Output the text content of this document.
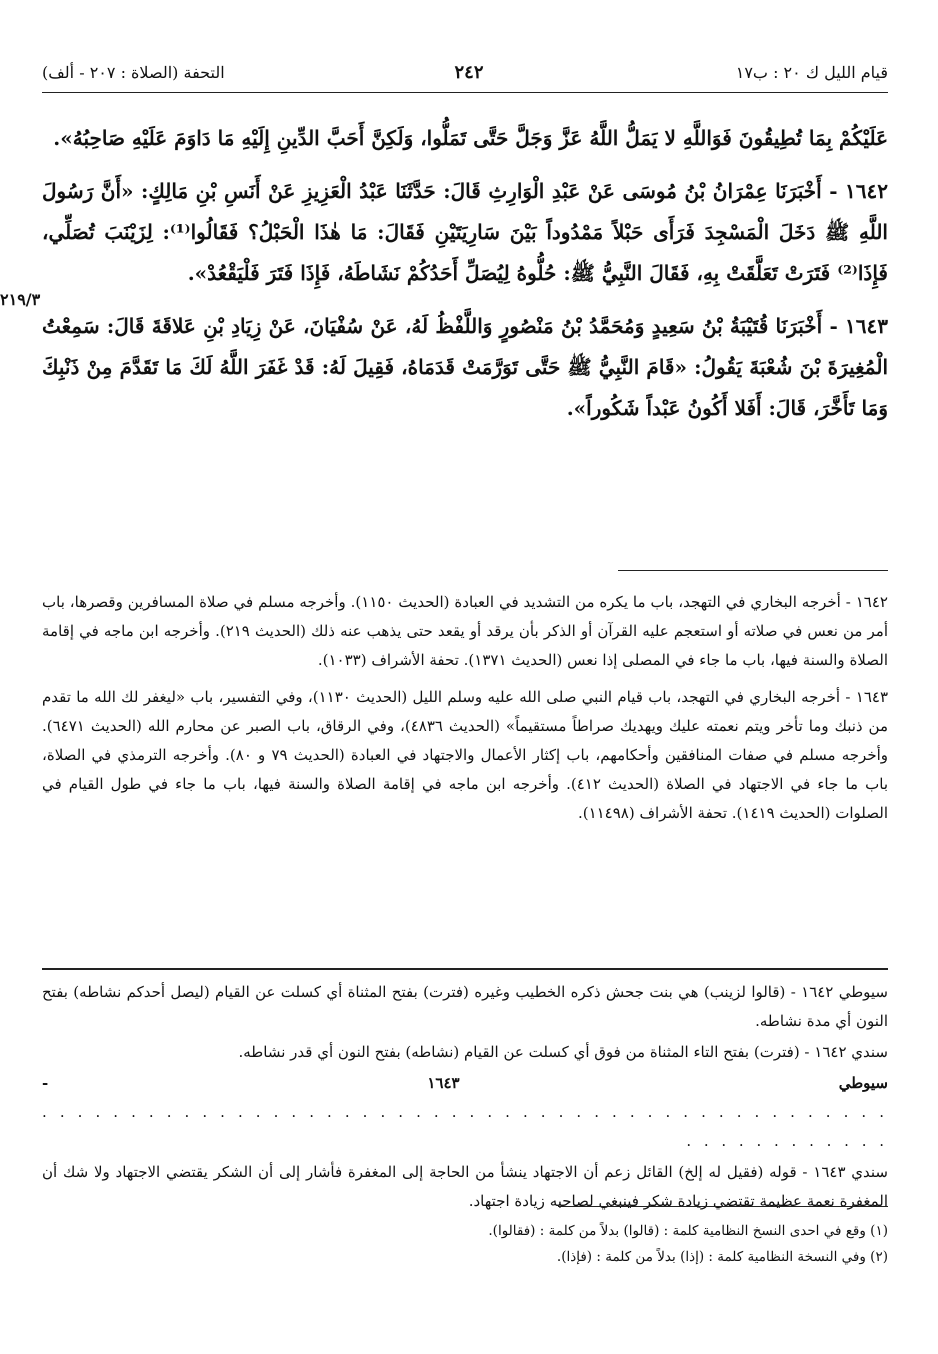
قيام الليل ك ٢٠ : ب١٧
٢٤٢
التحفة (الصلاة : ٢٠٧ - ألف)
٢١٩/٣

عَلَيْكُمْ بِمَا تُطِيقُونَ فَوَاللَّهِ لا يَمَلُّ اللَّهُ عَزَّ وَجَلَّ حَتَّى تَمَلُّوا، وَلَكِنَّ أَحَبَّ الدِّينِ إِلَيْهِ مَا دَاوَمَ عَلَيْهِ صَاحِبُهُ».

١٦٤٢ - أَخْبَرَنَا عِمْرَانُ بْنُ مُوسَى عَنْ عَبْدِ الْوَارِثِ قَالَ: حَدَّثَنَا عَبْدُ الْعَزِيزِ عَنْ أَنَسِ بْنِ مَالِكٍ: «أَنَّ رَسُولَ اللَّهِ ﷺ دَخَلَ الْمَسْجِدَ فَرَأَى حَبْلاً مَمْدُوداً بَيْنَ سَارِيَتَيْنِ فَقَالَ: مَا هٰذَا الْحَبْلُ؟ فَقَالُوا⁽¹⁾: لِزَيْنَبَ تُصَلِّي، فَإِذَا⁽²⁾ فَتَرَتْ تَعَلَّقَتْ بِهِ، فَقَالَ النَّبِيُّ ﷺ: حُلُّوهُ لِيُصَلِّ أَحَدُكُمْ نَشَاطَهُ، فَإِذَا فَتَرَ فَلْيَقْعُدْ».

١٦٤٣ - أَخْبَرَنَا قُتَيْبَةُ بْنُ سَعِيدٍ وَمُحَمَّدُ بْنُ مَنْصُورٍ وَاللَّفْظُ لَهُ، عَنْ سُفْيَانَ، عَنْ زِيَادِ بْنِ عَلاقَةَ قَالَ: سَمِعْتُ الْمُغِيرَةَ بْنَ شُعْبَةَ يَقُولُ: «قَامَ النَّبِيُّ ﷺ حَتَّى تَوَرَّمَتْ قَدَمَاهُ، فَقِيلَ لَهُ: قَدْ غَفَرَ اللَّهُ لَكَ مَا تَقَدَّمَ مِنْ ذَنْبِكَ وَمَا تَأَخَّرَ، قَالَ: أَفَلا أَكُونُ عَبْداً شَكُوراً».

١٦٤٢ - أخرجه البخاري في التهجد، باب ما يكره من التشديد في العبادة (الحديث ١١٥٠). وأخرجه مسلم في صلاة المسافرين وقصرها، باب أمر من نعس في صلاته أو استعجم عليه القرآن أو الذكر بأن يرقد أو يقعد حتى يذهب عنه ذلك (الحديث ٢١٩). وأخرجه ابن ماجه في إقامة الصلاة والسنة فيها، باب ما جاء في المصلى إذا نعس (الحديث ١٣٧١). تحفة الأشراف (١٠٣٣).

١٦٤٣ - أخرجه البخاري في التهجد، باب قيام النبي صلى الله عليه وسلم الليل (الحديث ١١٣٠)، وفي التفسير، باب «ليغفر لك الله ما تقدم من ذنبك وما تأخر ويتم نعمته عليك ويهديك صراطاً مستقيماً» (الحديث ٤٨٣٦)، وفي الرقاق، باب الصبر عن محارم الله (الحديث ٦٤٧١). وأخرجه مسلم في صفات المنافقين وأحكامهم، باب إكثار الأعمال والاجتهاد في العبادة (الحديث ٧٩ و ٨٠). وأخرجه الترمذي في الصلاة، باب ما جاء في الاجتهاد في الصلاة (الحديث ٤١٢). وأخرجه ابن ماجه في إقامة الصلاة والسنة فيها، باب ما جاء في طول القيام في الصلوات (الحديث ١٤١٩). تحفة الأشراف (١١٤٩٨).

سيوطي ١٦٤٢ - (قالوا لزينب) هي بنت جحش ذكره الخطيب وغيره (فترت) بفتح المثناة أي كسلت عن القيام (ليصل أحدكم نشاطه) بفتح النون أي مدة نشاطه.

سندي ١٦٤٢ - (فترت) بفتح التاء المثناة من فوق أي كسلت عن القيام (نشاطه) بفتح النون أي قدر نشاطه.

سيوطي ١٦٤٣ - . . . . . . . . . . . . . . . . . . . . . . . . . . . . . . . . . . . . . . . . . . . . . . . . . . . . . . . . . . . .

سندي ١٦٤٣ - قوله (فقيل له إلخ) القائل زعم أن الاجتهاد ينشأ من الحاجة إلى المغفرة فأشار إلى أن الشكر يقتضي الاجتهاد ولا شك أن المغفرة نعمة عظيمة تقتضي زيادة شكر فينبغي لصاحبه زيادة اجتهاد.

(١) وقع في احدى النسخ النظامية كلمة : (قالوا) بدلاً من كلمة : (فقالوا).

(٢) وفي النسخة النظامية كلمة : (إذا) بدلاً من كلمة : (فإذا).
